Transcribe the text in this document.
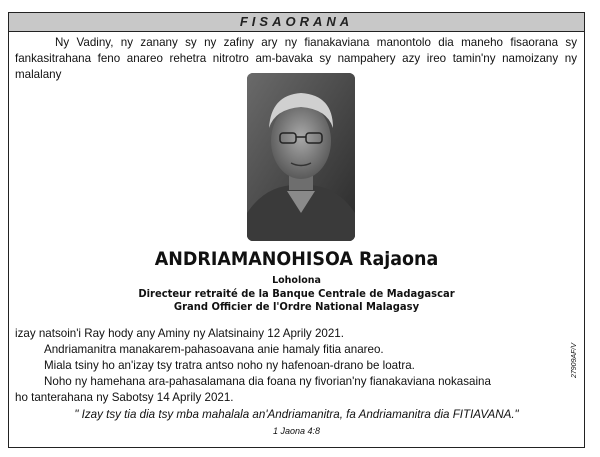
FISAORANA
Ny Vadiny, ny zanany sy ny zafiny ary ny fianakaviana manontolo dia maneho fisaorana sy fankasitrahana feno anareo rehetra nitrotro am-bavaka sy nampahery azy ireo tamin'ny namoizany ny malalany
ANDRIAMANOHISOA Rajaona
Loholona
Directeur retraité de la Banque Centrale de Madagascar
Grand Officier de l'Ordre National Malagasy
izay natsoin'i Ray hody any Aminy ny Alatsinainy 12 Aprily 2021.
Andriamanitra manakarem-pahasoavana anie hamaly fitia anareo.
Miala tsiny ho an'izay tsy tratra antso noho ny hafenoan-drano be loatra.
Noho ny hamehana ara-pahasalamana dia foana ny fivorian'ny fianakaviana nokasaina
ho tanterahana ny Sabotsy 14 Aprily 2021.
" Izay tsy tia dia tsy mba mahalala an'Andriamanitra, fa Andriamanitra dia FITIAVANA."
1 Jaona 4:8
27909AF/V
